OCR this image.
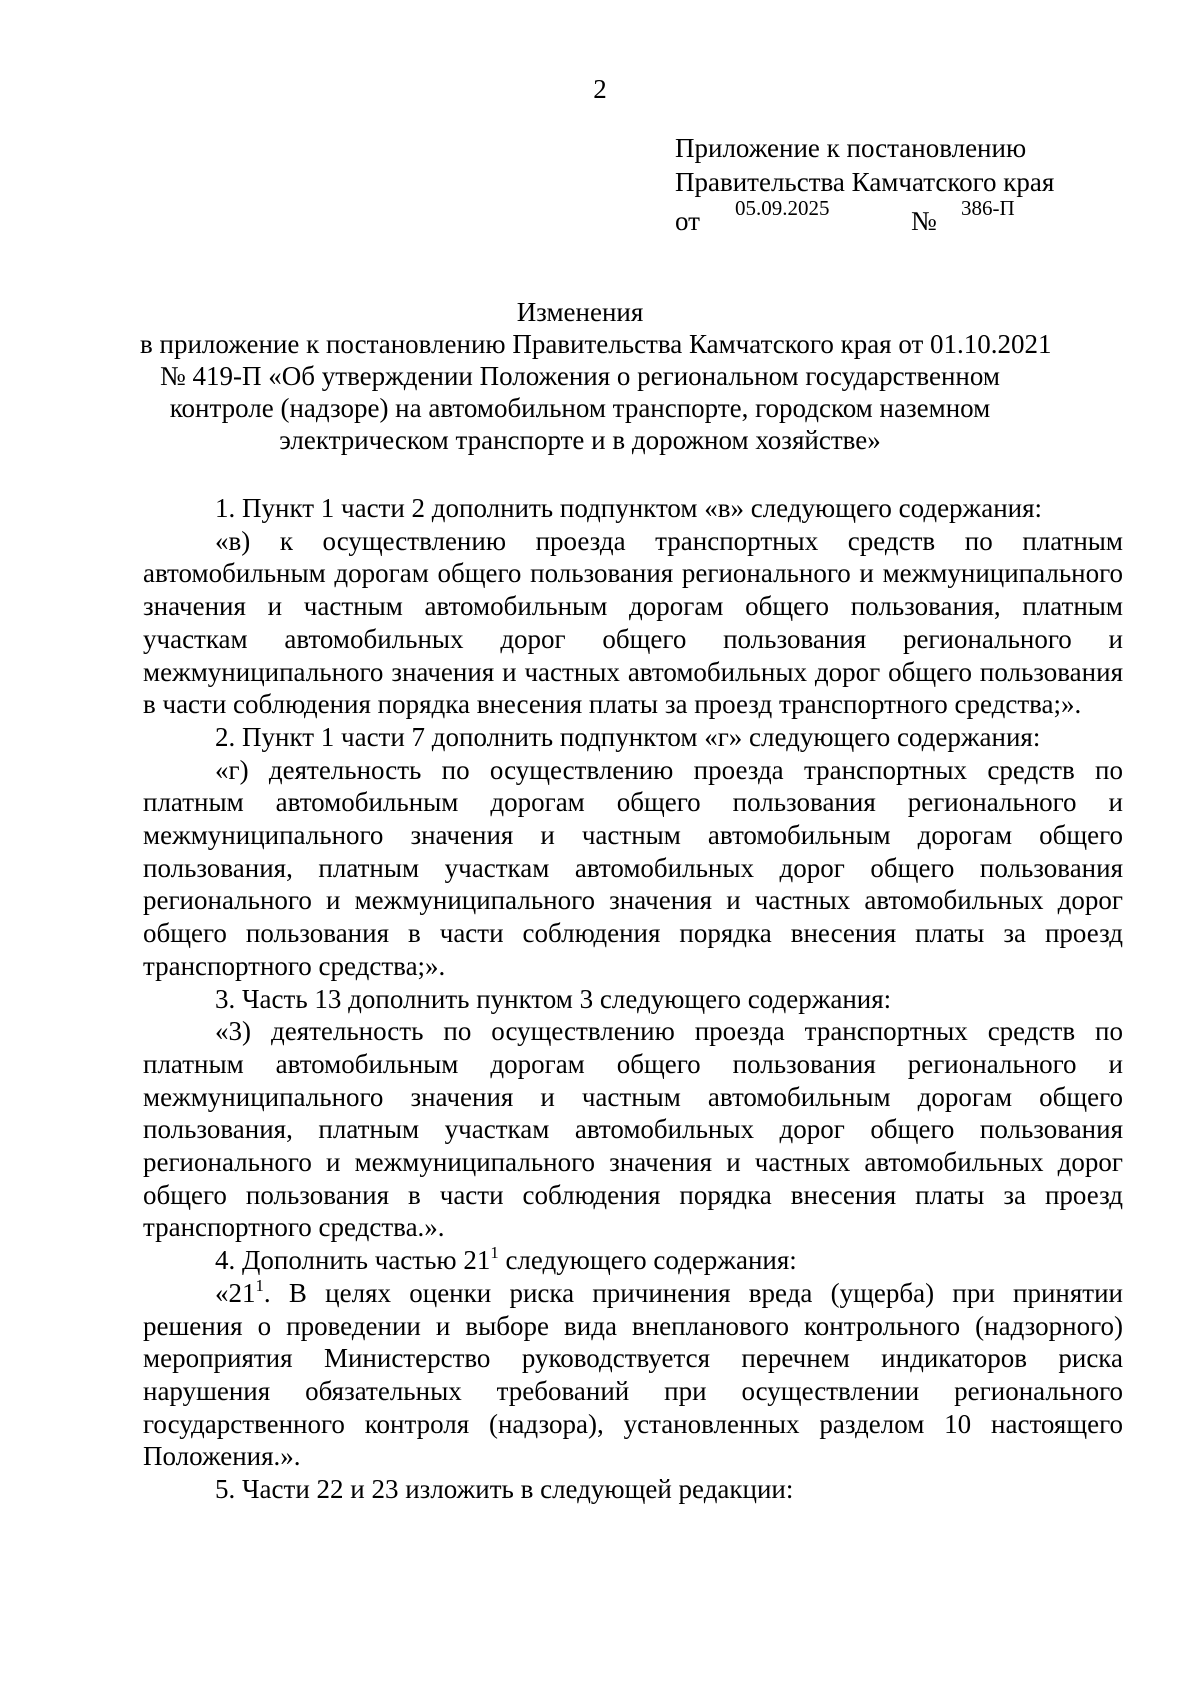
2
Приложение к постановлению
Правительства Камчатского края
от 05.09.2025	№ 386-П
Изменения
в приложение к постановлению Правительства Камчатского края от 01.10.2021
№ 419-П «Об утверждении Положения о региональном государственном
контроле (надзоре) на автомобильном транспорте, городском наземном
электрическом транспорте и в дорожном хозяйстве»

1. Пункт 1 части 2 дополнить подпунктом «в» следующего содержания:

«в) к осуществлению проезда транспортных средств по платным автомобильным дорогам общего пользования регионального и межмуниципального значения и частным автомобильным дорогам общего пользования, платным участкам автомобильных дорог общего пользования регионального и межмуниципального значения и частных автомобильных дорог общего пользования в части соблюдения порядка внесения платы за проезд транспортного средства;».

2. Пункт 1 части 7 дополнить подпунктом «г» следующего содержания:

«г) деятельность по осуществлению проезда транспортных средств по платным автомобильным дорогам общего пользования регионального и межмуниципального значения и частным автомобильным дорогам общего пользования, платным участкам автомобильных дорог общего пользования регионального и межмуниципального значения и частных автомобильных дорог общего пользования в части соблюдения порядка внесения платы за проезд транспортного средства;».

3. Часть 13 дополнить пунктом 3 следующего содержания:

«3) деятельность по осуществлению проезда транспортных средств по платным автомобильным дорогам общего пользования регионального и межмуниципального значения и частным автомобильным дорогам общего пользования, платным участкам автомобильных дорог общего пользования регионального и межмуниципального значения и частных автомобильных дорог общего пользования в части соблюдения порядка внесения платы за проезд транспортного средства.».

4. Дополнить частью $21^1$ следующего содержания:

«$21^1$. В целях оценки риска причинения вреда (ущерба) при принятии решения о проведении и выборе вида внепланового контрольного (надзорного) мероприятия Министерство руководствуется перечнем индикаторов риска нарушения обязательных требований при осуществлении регионального государственного контроля (надзора), установленных разделом 10 настоящего Положения.».

5. Части 22 и 23 изложить в следующей редакции:
